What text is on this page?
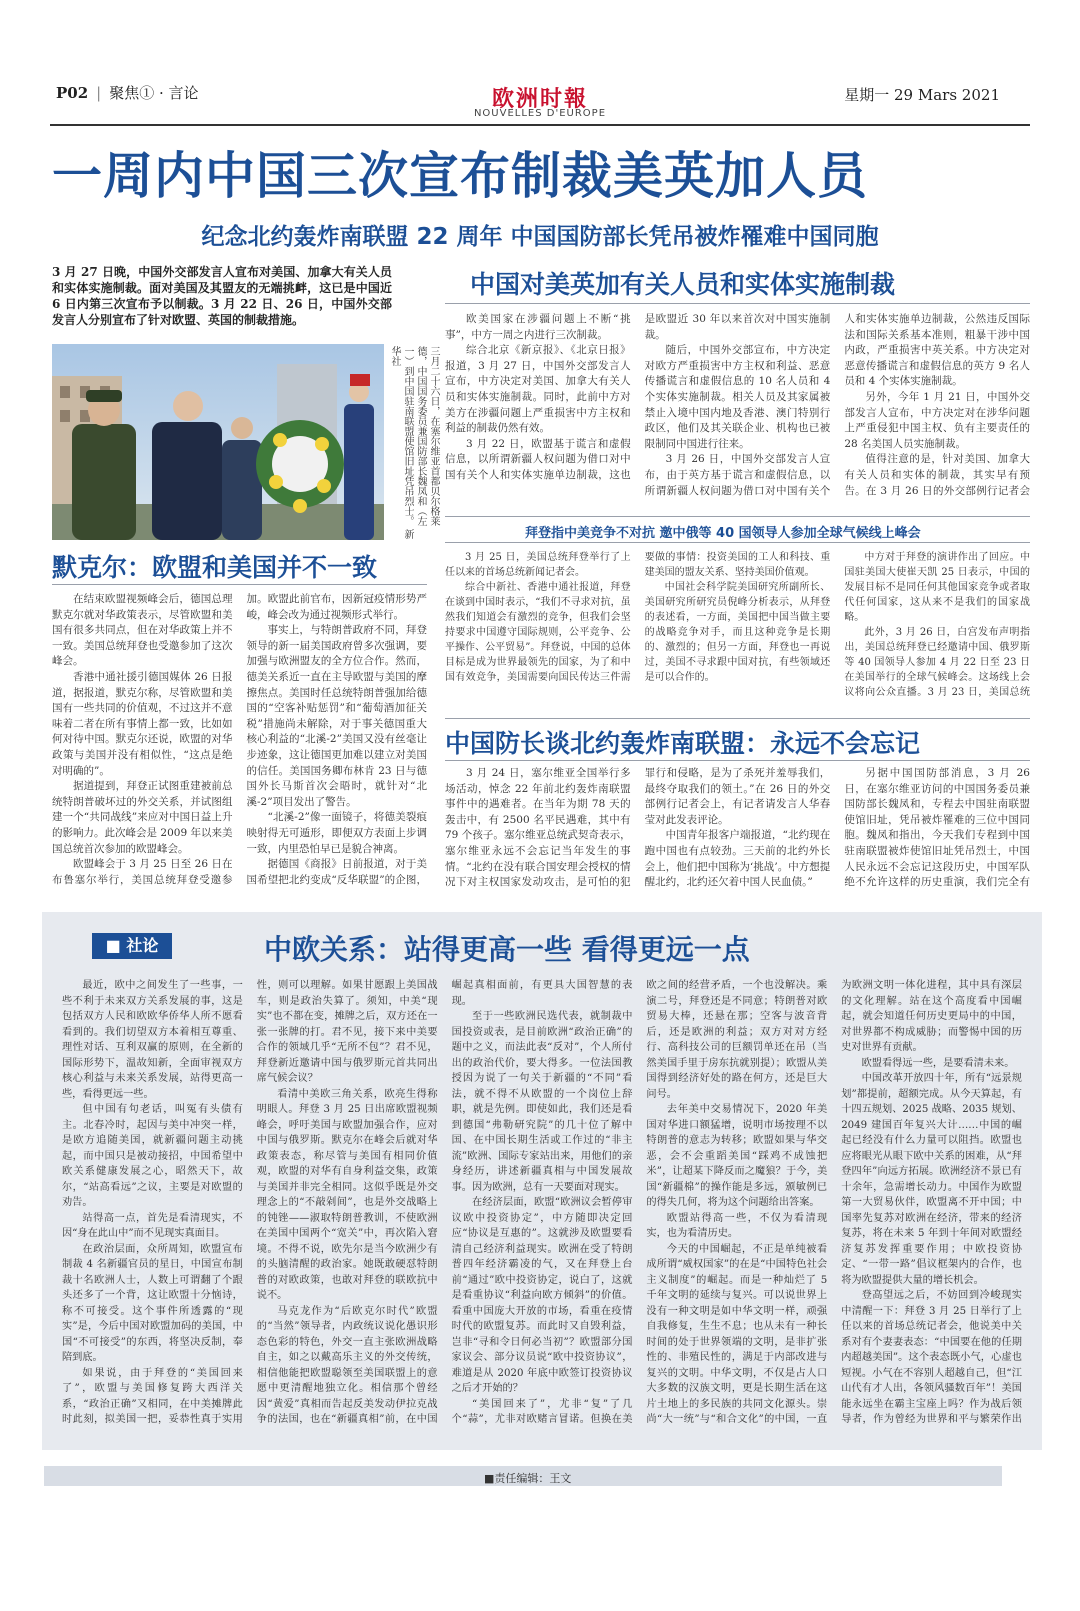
P02 | 聚焦① · 言论	欧洲时報
NOUVELLES D'EUROPE
星期一 29 Mars 2021
一周内中国三次宣布制裁美英加人员
纪念北约轰炸南联盟 22 周年 中国国防部长凭吊被炸罹难中国同胞
3 月 27 日晚，中国外交部发言人宣布对美国、加拿大有关人员和实体实施制裁。面对美国及其盟友的无端挑衅，这已是中国近 6 日内第三次宣布予以制裁。3 月 22 日、26 日，中国外交部发言人分别宣布了针对欧盟、英国的制裁措施。
三月二十六日，在塞尔维亚首都贝尔格莱德，中国国务委员兼国防部长魏凤和（左一）到中国驻南联盟使馆旧址凭吊烈士。 新华社
中国对美英加有关人员和实体实施制裁

欧美国家在涉疆问题上不断“挑事”，中方一周之内进行三次制裁。

综合北京《新京报》、《北京日报》报道，3 月 27 日，中国外交部发言人宣布，中方决定对美国、加拿大有关人员和实体实施制裁。同时，此前中方对美方在涉疆问题上严重损害中方主权和利益的制裁仍然有效。

3 月 22 日，欧盟基于谎言和虚假信息，以所谓新疆人权问题为借口对中国有关个人和实体实施单边制裁，这也是欧盟近 30 年以来首次对中国实施制裁。

随后，中国外交部宣布，中方决定对欧方严重损害中方主权和利益、恶意传播谎言和虚假信息的 10 名人员和 4 个实体实施制裁。相关人员及其家属被禁止入境中国内地及香港、澳门特别行政区，他们及其关联企业、机构也已被限制同中国进行往来。

3 月 26 日，中国外交部发言人宣布，由于英方基于谎言和虚假信息，以所谓新疆人权问题为借口对中国有关个人和实体实施单边制裁，公然违反国际法和国际关系基本准则，粗暴干涉中国内政，严重损害中英关系。中方决定对恶意传播谎言和虚假信息的英方 9 名人员和 4 个实体实施制裁。

另外，今年 1 月 21 日，中国外交部发言人宣布，中方决定对在涉华问题上严重侵犯中国主权、负有主要责任的 28 名美国人员实施制裁。

值得注意的是，针对美国、加拿大有关人员和实体的制裁，其实早有预告。在 3 月 26 日的外交部例行记者会

拜登指中美竞争不对抗 邀中俄等 40 国领导人参加全球气候线上峰会

3 月 25 日，美国总统拜登举行了上任以来的首场总统新闻记者会。

综合中新社、香港中通社报道，拜登在谈到中国时表示，“我们不寻求对抗，虽然我们知道会有激烈的竞争，但我们会坚持要求中国遵守国际规则，公平竞争、公平操作、公平贸易”。拜登说，中国的总体目标是成为世界最领先的国家，为了和中国有效竞争，美国需要向国民传达三件需要做的事情：投资美国的工人和科技、重建美国的盟友关系、坚持美国价值观。

中国社会科学院美国研究所副所长、美国研究所研究员倪峰分析表示，从拜登的表述看，一方面，美国把中国当做主要的战略竞争对手，而且这种竞争是长期的、激烈的；但另一方面，拜登也一再说过，美国不寻求跟中国对抗，有些领域还是可以合作的。

中方对于拜登的演讲作出了回应。中国驻美国大使崔天凯 25 日表示，中国的发展目标不是同任何其他国家竞争或者取代任何国家，这从来不是我们的国家战略。

此外，3 月 26 日，白宫发布声明指出，美国总统拜登已经邀请中国、俄罗斯等 40 国领导人参加 4 月 22 日至 23 日在美国举行的全球气候峰会。这场线上会议将向公众直播。3 月 23 日，美国总统

默克尔：欧盟和美国并不一致

在结束欧盟视频峰会后，德国总理默克尔就对华政策表示，尽管欧盟和美国有很多共同点，但在对华政策上并不一致。美国总统拜登也受邀参加了这次峰会。

香港中通社援引德国媒体 26 日报道，据报道，默克尔称，尽管欧盟和美国有一些共同的价值观，不过这并不意味着二者在所有事情上都一致，比如如何对待中国。默克尔还说，欧盟的对华政策与美国并没有相似性，“这点是绝对明确的”。

据道提到，拜登正试图重建被前总统特朗普破坏过的外交关系，并试图组建一个“共同战线”来应对中国日益上升的影响力。此次峰会是 2009 年以来美国总统首次参加的欧盟峰会。

欧盟峰会于 3 月 25 日至 26 日在布鲁塞尔举行，美国总统拜登受邀参加。欧盟此前官布，因新冠疫情形势严峻，峰会改为通过视频形式举行。

事实上，与特朗普政府不同，拜登领导的新一届美国政府曾多次强调，要加强与欧洲盟友的全方位合作。然而，德美关系近一直在主导欧盟与美国的摩擦焦点。美国时任总统特朗普强加给德国的“空客补贴惩罚”和“葡萄酒加征关税”措施尚未解除，对于事关德国重大核心利益的“北溪-2”美国又没有丝毫让步迹象，这让德国更加难以建立对美国的信任。美国国务卿布林肯 23 日与德国外长马斯首次会晤时，就针对“北溪-2”项目发出了警告。

“北溪-2”像一面镜子，将德美裂痕映射得无可遁形，即便双方表面上步调一致，内里恐怕早已是貌合神离。

据德国《商报》日前报道，对于美国希望把北约变成“反华联盟”的企图，

中国防长谈北约轰炸南联盟：永远不会忘记

3 月 24 日，塞尔维亚全国举行多场活动，悼念 22 年前北约轰炸南联盟事件中的遇难者。在当年为期 78 天的轰击中，有 2500 名平民遇难，其中有 79 个孩子。塞尔维亚总统武契奇表示，塞尔维亚永远不会忘记当年发生的事情。“北约在没有联合国安理会授权的情况下对主权国家发动攻击，是可怕的犯罪行和侵略，是为了杀死并羞辱我们，最终夺取我们的领土。”在 26 日的外交部例行记者会上，有记者请发言人华春莹对此发表评论。

中国青年报客户端报道，“北约现在跑中国也有点较劲。三天前的北约外长会上，他们把中国称为‘挑战’。中方想提醒北约，北约还欠着中国人民血债。”

另据中国国防部消息，3 月 26 日，在塞尔维亚访问的中国国务委员兼国防部长魏凤和，专程去中国驻南联盟使馆旧址，凭吊被炸罹难的三位中国同胞。魏凤和指出，今天我们专程到中国驻南联盟被炸使馆旧址凭吊烈士，中国人民永远不会忘记这段历史，中国军队绝不允许这样的历史重演，我们完全有

■ 社论	中欧关系：站得更高一些 看得更远一点

最近，欧中之间发生了一些事，一些不利于未来双方关系发展的事，这是包括双方人民和欧欧华侨华人所不愿看看到的。我们切望双方本着相互尊重、理性对话、互利双赢的原则，在全新的国际形势下，温故知新，全面审视双方核心利益与未来关系发展，站得更高一些，看得更远一些。

但中国有句老话，叫冤有头债有主。北春冷时，起因与美中冲突一样，是欧方追随美国，就新疆问题主动挑起，而中国只是被动接招，中国希望中欧关系健康发展之心，昭然天下，故尔，“站高看远”之议，主要是对欧盟的劝告。

站得高一点，首先是看清现实，不因“身在此山中”而不见现实真面目。

在政治层面，众所周知，欧盟宣布制裁 4 名新疆官员的星日，中国宣布制裁十名欧洲人士，人数上可谓翻了个跟头还多了一个背，这让欧盟十分恼诗，称不可接受。这个事件所透露的“现实”是，今后中国对欧盟加码的美国，中国“不可接受”的东西，将坚决反制，奉陪到底。

如果说，由于拜登的“美国回来了”，欧盟与美国修复跨大西洋关系，“政治正确”又相同，在中美摊牌此时此刻，拟美国一把，妥恭性真于实用性，则可以理解。如果甘愿跟上美国战车，则是政治失算了。须知，中美“现实”也不都在变，摊牌之后，双方还在一张一张牌的打。君不见，接下来中美要合作的领域几乎“无所不包”？君不见，拜登新近邀请中国与俄罗斯元首共同出席气候会议？

看清中美欧三角关系，欧亮生得称明眼人。拜登 3 月 25 日出席欧盟视频峰会，呼吁美国与欧盟加强合作，应对中国与俄罗斯。默克尔在峰会后就对华政策表态，称尽管与美国有相同价值观，欧盟的对华有自身利益交集，政策与美国并非完全相同。这似乎既是外交理念上的“不敲剁间”，也是外交战略上的钝锉——淑取特朗普教训，不使欧洲在美国中国两个“宽关”中，再次陷入窘境。不得不说，欧先尔是当今欧洲少有的头脑清醒的政治家。她既敢硬怼特朗普的对欧政策，也敢对拜登的联欧抗中说不。

马克龙作为“后欧克尔时代”欧盟的“当然”领导者，内政统议说化愚识形态色彩的特色，外交一直主张欧洲战略自主，如之以戴高乐主义的外交传统，相信他能把欧盟聪领至美国联盟上的意愿中更清醒地独立化。相信那个曾经因“黄爱”真相而告起反美发动伊拉克战争的法国，也在“新疆真相”前，在中国崛起真相面前，有更具大国智慧的表现。

至于一些欧洲民选代表，就制裁中国投资或表，是目前欧洲“政治正确”的题中之义，而法此表“反对”，个人所付出的政治代价，要大得多。一位法国教授因为说了一句关于新疆的“不同”看法，就不得不从欧盟的一个岗位上辞职，就是先例。即使如此，我们还是看到德国“弗勒研究院”的几十位了解中国、在中国长期生活或工作过的“非主流”欧洲、国际专家站出来，用他们的亲身经历，讲述新疆真相与中国发展故事。因为欧洲，总有一天要面对现实。

在经济层面，欧盟“欧洲议会暂停审议欧中投资协定”，中方随即决定回应“协议是互惠的”。这就涉及欧盟要看清自己经济利益现实。欧洲在受了特朗普四年经济霸凌的气，又在拜登上台前“通过”欧中投资协定，说白了，这就是看重协议“利益向欧方倾斜”的价值。看重中国庞大开放的市场，看重在疫情时代的欧盟复苏。而此时又自毁利益，岂非“寻和令日何必当初”？欧盟部分国家议会、部分议员说“欧中投资协议”，难道是从 2020 年底中欧签订投资协议之后才开始的？

“美国回来了”，尤非“复”了几个“蒜”，尤非对欧赌言冒诺。但换在美欧之间的经营矛盾，一个也没解决。乘演二号，拜登还是不同意；特朗普对欧贸易大棒，还悬在那；空客与波音背后，还是欧洲的利益；双方对对方经行、高科技公司的巨额罚单还在吊（当然美国手里于房东抗就别提）；欧盟从美国得到经济好处的路在何方，还是巨大问号。

去年美中交易情况下，2020 年美国对华进口额猛增，说明市场按理不以特朗普的意志为转移；欧盟如果与华交恶，会不会重蹈美国“踩鸡不成蚀把米”，让超某下降反而之魔狼？于今，美国“新疆棉”的操作能是多远，颁敏例已的得失几何，将为这个问题给出答案。

欧盟站得高一些，不仅为看清现实，也为看清历史。

今天的中国崛起，不正是单纯被看成所谓“威权国家”的在是“中国特色社会主义制度”的崛起。而是一种灿烂了 5 千年文明的延续与复兴。可以说世界上没有一种文明是如中华文明一样，顽强自我修复，生生不息；也从未有一种长时间的处于世界领端的文明，是非扩张性的、非殖民性的，满足于内部改进与复兴的文明。中华文明，不仅是占人口大多数的汉族文明，更是长期生活在这片土地上的多民族的共同文化源头。崇尚“大一统”与“和合文化”的中国，一直为欧洲文明一体化进程，其中具有深层的文化理解。站在这个高度看中国崛起，就会知道任何历史更局中的中国，对世界都不构成威胁；而警惕中国的历史对世界有贡献。

欧盟看得远一些，是要看清未来。

中国改革开放四十年，所有“远景规划”都提前，超额完成。从今天算起，有十四五规划、2025 战略、2035 规划、2049 建国百年复兴大计……中国的崛起已经没有什么力量可以阻挡。欧盟也应将眼光从眼下欧中关系的困难，从“拜登四年”向远方拓展。欧洲经济不景已有十余年，急需增长动力。中国作为欧盟第一大贸易伙伴，欧盟离不开中国；中国率先复苏对欧洲在经济，带来的经济复苏，将在未来 5 年到十年间对欧盟经济复苏发挥重要作用；中欧投资协定、“一带一路”倡议框架内的合作，也将为欧盟提供大量的增长机会。

登高望远之后，不妨回到冷峻现实中清醒一下：拜登 3 月 25 日举行了上任以来的首场总统记者会，他说美中关系对有个妻妻表态：“中国要在他的任期内超越美国”。这个表态既小气，心虚也短视。小气在不容别人超越自己，但“江山代有才人出，各领风骚数百年”！美国能永远坐在霸主宝座上吗？作为战后领导者，作为曾经为世界和平与繁荣作出

■责任编辑：王文
